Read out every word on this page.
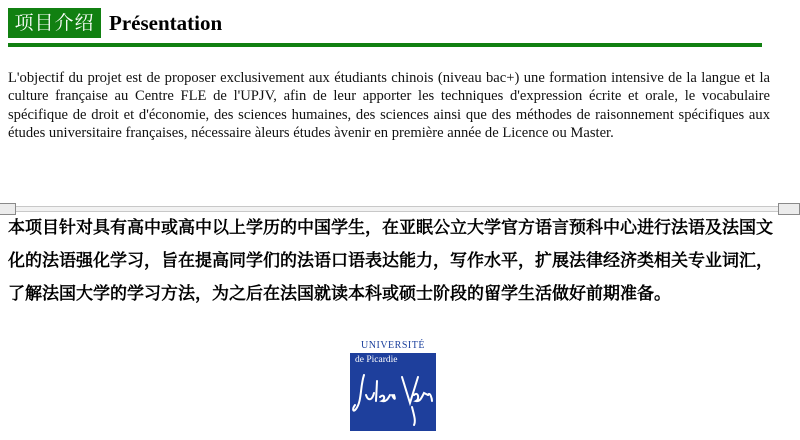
项目介绍 Présentation

L'objectif du projet est de proposer exclusivement aux étudiants chinois (niveau bac+) une formation intensive de la langue et la culture française au Centre FLE de l'UPJV, afin de leur apporter les techniques d'expression écrite et orale, le vocabulaire spécifique de droit et d'économie, des sciences humaines, des sciences ainsi que des méthodes de raisonnement spécifiques aux études universitaire françaises, nécessaire àleurs études àvenir en première année de Licence ou Master.

本项目针对具有高中或高中以上学历的中国学生，在亚眠公立大学官方语言预科中心进行法语及法国文化的法语强化学习，旨在提高同学们的法语口语表达能力，写作水平，扩展法律经济类相关专业词汇，了解法国大学的学习方法，为之后在法国就读本科或硕士阶段的留学生活做好前期准备。

UNIVERSITÉ
de Picardie
